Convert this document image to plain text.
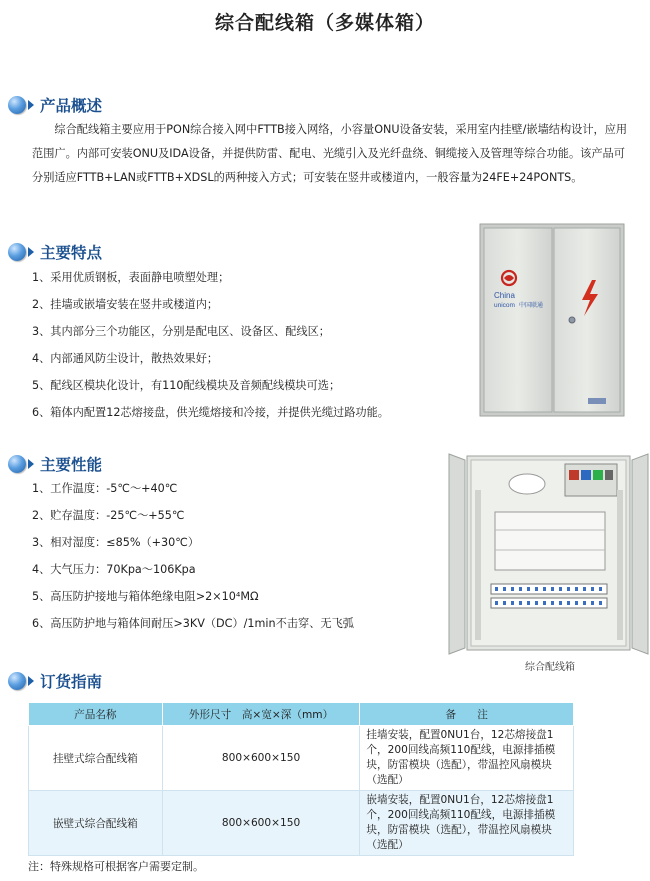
综合配线箱（多媒体箱）
产品概述

综合配线箱主要应用于PON综合接入网中FTTB接入网络，小容量ONU设备安装，采用室内挂壁/嵌墙结构设计，应用范围广。内部可安装ONU及IDA设备，并提供防雷、配电、光缆引入及光纤盘绕、铜缆接入及管理等综合功能。该产品可分别适应FTTB+LAN或FTTB+XDSL的两种接入方式；可安装在竖井或楼道内，一般容量为24FE+24PONTS。

主要特点
1、采用优质钢板，表面静电喷塑处理；
2、挂墙或嵌墙安装在竖井或楼道内；
3、其内部分三个功能区，分别是配电区、设备区、配线区；
4、内部通风防尘设计，散热效果好；
5、配线区模块化设计，有110配线模块及音频配线模块可选；
6、箱体内配置12芯熔接盘，供光缆熔接和冷接，并提供光缆过路功能。
China
unicom 中国联通
主要性能
1、工作温度：-5℃～+40℃
2、贮存温度：-25℃～+55℃
3、相对湿度：≤85%（+30℃）
4、大气压力：70Kpa～106Kpa
5、高压防护接地与箱体绝缘电阻>2×10⁴MΩ
6、高压防护地与箱体间耐压>3KV（DC）/1min不击穿、无飞弧
综合配线箱
订货指南
产品名称	外形尺寸　高×宽×深（mm）	备　　注
挂壁式综合配线箱	800×600×150	挂墙安装，配置0NU1台，12芯熔接盘1个，200回线高频110配线，电源排插模块，防雷模块（选配），带温控风扇模块（选配）
嵌壁式综合配线箱	800×600×150	嵌墙安装，配置0NU1台，12芯熔接盘1个，200回线高频110配线，电源排插模块，防雷模块（选配），带温控风扇模块（选配）
注：特殊规格可根据客户需要定制。
